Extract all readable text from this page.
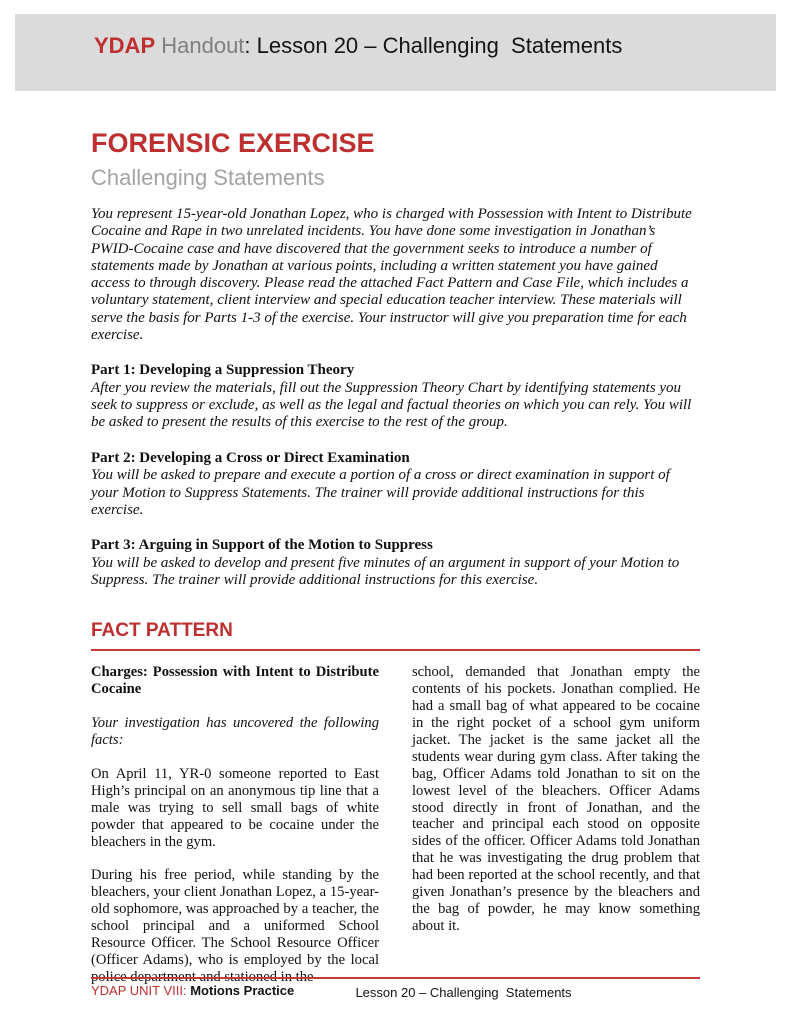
YDAP Handout : Lesson 20 – Challenging  Statements
FORENSIC EXERCISE
Challenging Statements

You represent 15-year-old Jonathan Lopez, who is charged with Possession with Intent to Distribute Cocaine and Rape in two unrelated incidents. You have done some investigation in Jonathan’s PWID-Cocaine case and have discovered that the government seeks to introduce a number of statements made by Jonathan at various points, including a written statement you have gained access to through discovery. Please read the attached Fact Pattern and Case File, which includes a voluntary statement, client interview and special education teacher interview. These materials will serve the basis for Parts 1-3 of the exercise. Your instructor will give you preparation time for each exercise.

Part 1: Developing a Suppression Theory

After you review the materials, fill out the Suppression Theory Chart by identifying statements you seek to suppress or exclude, as well as the legal and factual theories on which you can rely. You will be asked to present the results of this exercise to the rest of the group.

Part 2: Developing a Cross or Direct Examination

You will be asked to prepare and execute a portion of a cross or direct examination in support of your Motion to Suppress Statements. The trainer will provide additional instructions for this exercise.

Part 3: Arguing in Support of the Motion to Suppress

You will be asked to develop and present five minutes of an argument in support of your Motion to Suppress. The trainer will provide additional instructions for this exercise.

FACT PATTERN

Charges: Possession with Intent to Distribute Cocaine

Your investigation has uncovered the following facts:

On April 11, YR-0 someone reported to East High’s principal on an anonymous tip line that a male was trying to sell small bags of white powder that appeared to be cocaine under the bleachers in the gym.

During his free period, while standing by the bleachers, your client Jonathan Lopez, a 15-year-old sophomore, was approached by a teacher, the school principal and a uniformed School Resource Officer. The School Resource Officer (Officer Adams), who is employed by the local police department and stationed in the

school, demanded that Jonathan empty the contents of his pockets. Jonathan complied. He had a small bag of what appeared to be cocaine in the right pocket of a school gym uniform jacket. The jacket is the same jacket all the students wear during gym class. After taking the bag, Officer Adams told Jonathan to sit on the lowest level of the bleachers. Officer Adams stood directly in front of Jonathan, and the teacher and principal each stood on opposite sides of the officer. Officer Adams told Jonathan that he was investigating the drug problem that had been reported at the school recently, and that given Jonathan’s presence by the bleachers and the bag of powder, he may know something about it.

YDAP UNIT VIII: Motions Practice	Lesson 20 – Challenging  Statements
